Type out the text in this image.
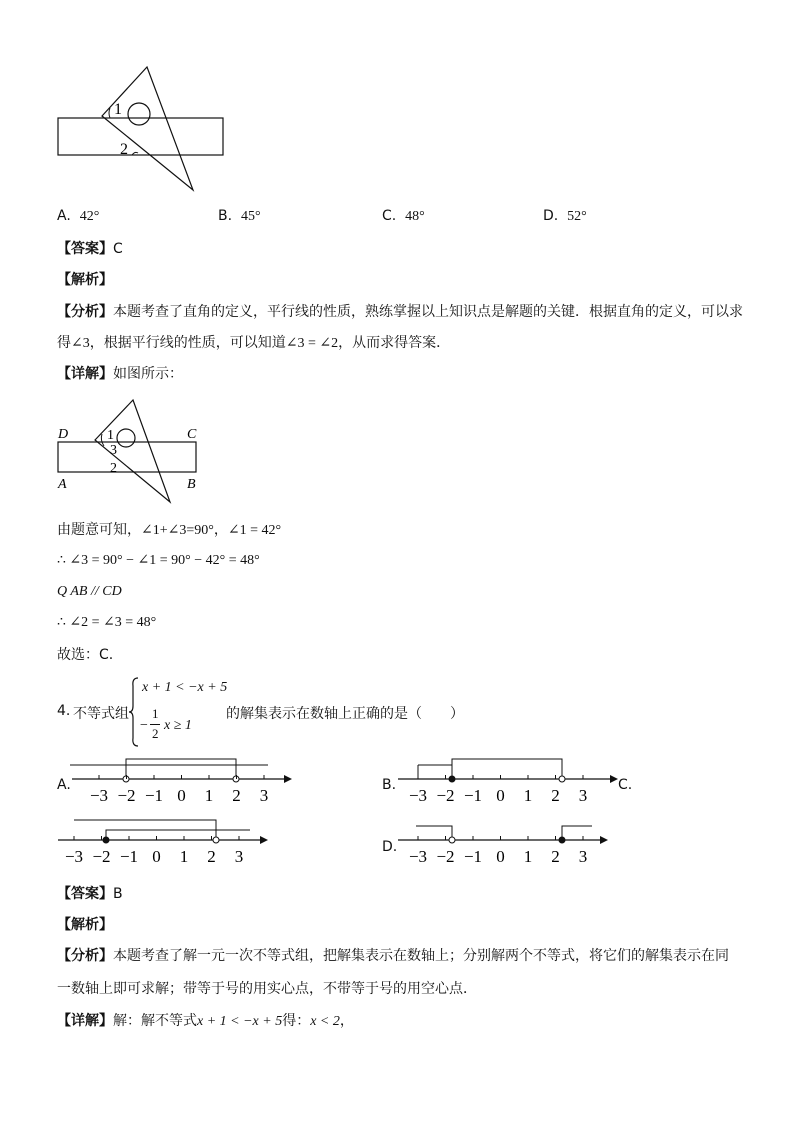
1
2
A. 42°	B. 45°	C. 48°	D. 52°
【答案】C
【解析】
【分析】本题考查了直角的定义，平行线的性质，熟练掌握以上知识点是解题的关键．根据直角的定义，可以求
得∠3，根据平行线的性质，可以知道∠3 = ∠2，从而求得答案．
【详解】如图所示：
D	C
A	B
1
3
2
由题意可知，∠1+∠3=90°，∠1 = 42°
∴ ∠3 = 90° − ∠1 = 90° − 42° = 48°
Q AB // CD
∴ ∠2 = ∠3 = 48°
故选：C.
4. 不等式组
x + 1 < −x + 5
−
1
2
x ≥ 1
的解集表示在数轴上正确的是（　　）
A.
−3 −2 −1 0 1 2 3
B.
−3 −2 −1 0 1 2 3
C.
−3 −2 −1 0 1 2 3	D. −3 −2 −1 0 1 2 3
【答案】B
【解析】
【分析】本题考查了解一元一次不等式组，把解集表示在数轴上；分别解两个不等式，将它们的解集表示在同
一数轴上即可求解；带等于号的用实心点，不带等于号的用空心点．
【详解】解：解不等式x + 1 < −x + 5得：x < 2，
